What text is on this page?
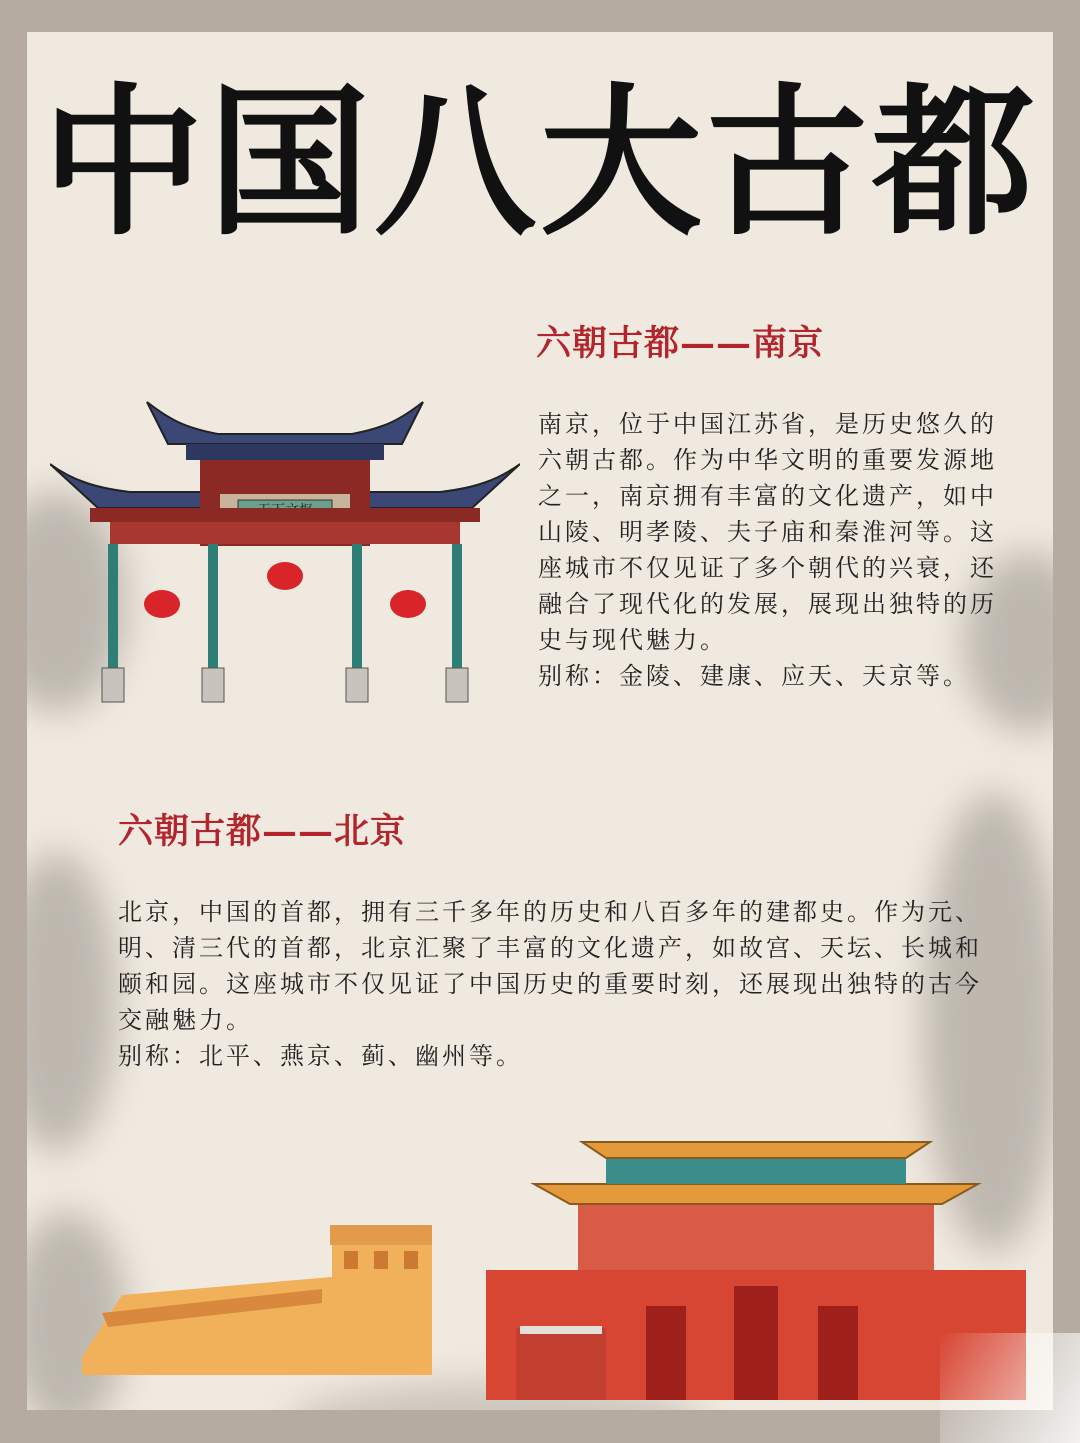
中国八大古都
六朝古都——南京

南京，位于中国江苏省，是历史悠久的六朝古都。作为中华文明的重要发源地之一，南京拥有丰富的文化遗产，如中山陵、明孝陵、夫子庙和秦淮河等。这座城市不仅见证了多个朝代的兴衰，还融合了现代化的发展，展现出独特的历史与现代魅力。

别称：金陵、建康、应天、天京等。

六朝古都——北京

北京，中国的首都，拥有三千多年的历史和八百多年的建都史。作为元、明、清三代的首都，北京汇聚了丰富的文化遗产，如故宫、天坛、长城和颐和园。这座城市不仅见证了中国历史的重要时刻，还展现出独特的古今交融魅力。

别称：北平、燕京、蓟、幽州等。
